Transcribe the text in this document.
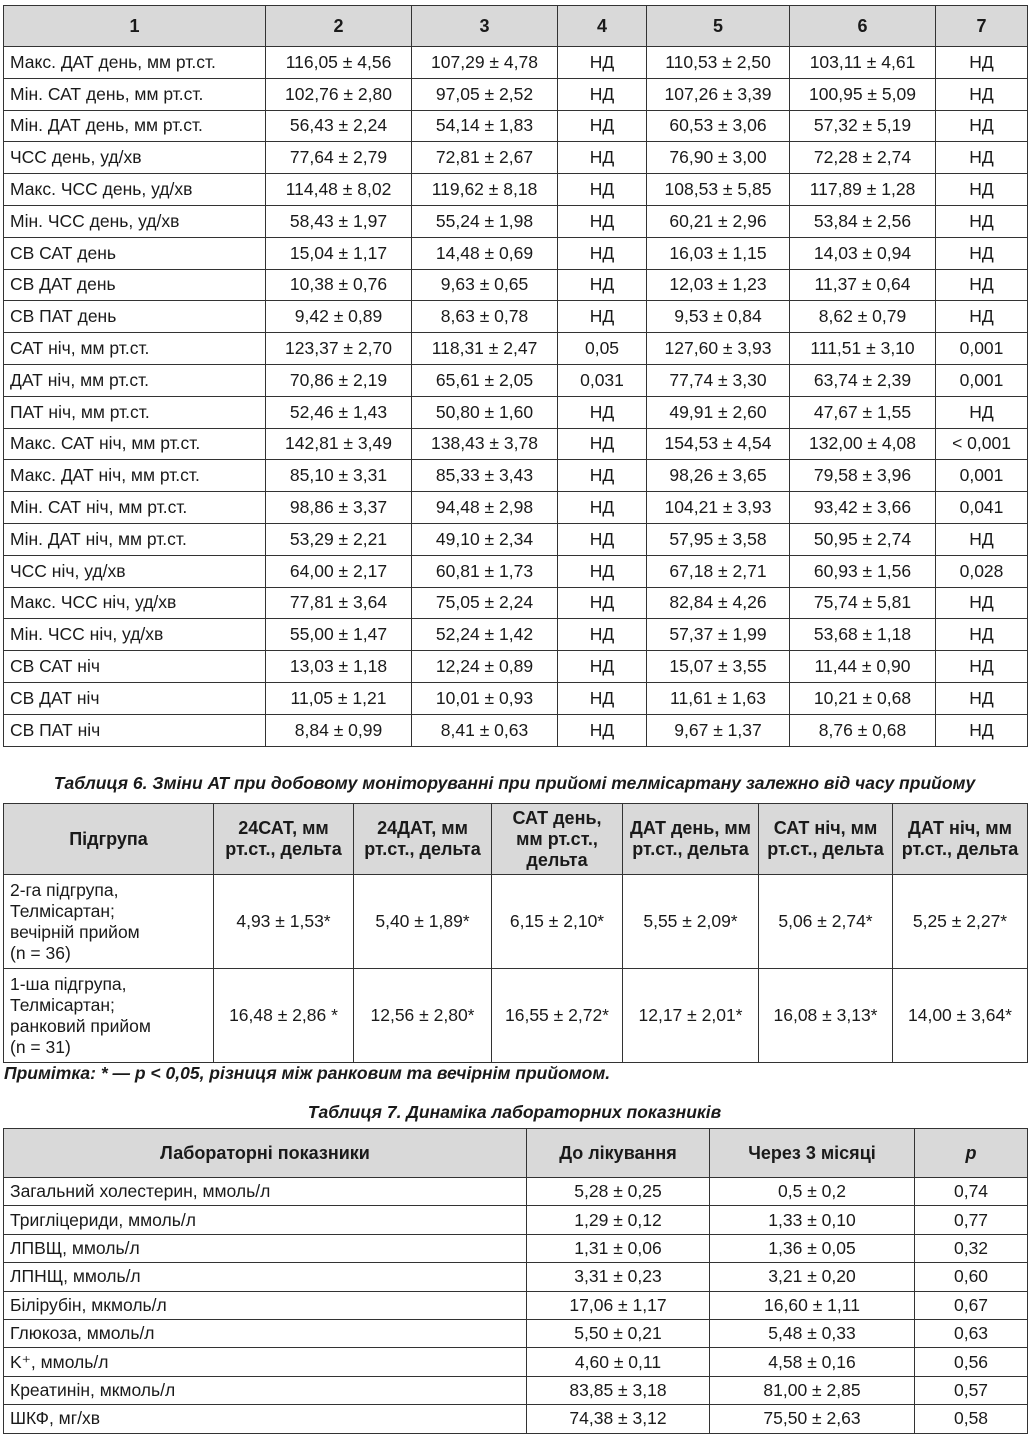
1	2	3	4	5	6	7
Макс. ДАТ день, мм рт.ст.	116,05 ± 4,56	107,29 ± 4,78	НД	110,53 ± 2,50	103,11 ± 4,61	НД
Мін. САТ день, мм рт.ст.	102,76 ± 2,80	97,05 ± 2,52	НД	107,26 ± 3,39	100,95 ± 5,09	НД
Мін. ДАТ день, мм рт.ст.	56,43 ± 2,24	54,14 ± 1,83	НД	60,53 ± 3,06	57,32 ± 5,19	НД
ЧСС день, уд/хв	77,64 ± 2,79	72,81 ± 2,67	НД	76,90 ± 3,00	72,28 ± 2,74	НД
Макс. ЧСС день, уд/хв	114,48 ± 8,02	119,62 ± 8,18	НД	108,53 ± 5,85	117,89 ± 1,28	НД
Мін. ЧСС день, уд/хв	58,43 ± 1,97	55,24 ± 1,98	НД	60,21 ± 2,96	53,84 ± 2,56	НД
СВ САТ день	15,04 ± 1,17	14,48 ± 0,69	НД	16,03 ± 1,15	14,03 ± 0,94	НД
СВ ДАТ день	10,38 ± 0,76	9,63 ± 0,65	НД	12,03 ± 1,23	11,37 ± 0,64	НД
СВ ПАТ день	9,42 ± 0,89	8,63 ± 0,78	НД	9,53 ± 0,84	8,62 ± 0,79	НД
САТ ніч, мм рт.ст.	123,37 ± 2,70	118,31 ± 2,47	0,05	127,60 ± 3,93	111,51 ± 3,10	0,001
ДАТ ніч, мм рт.ст.	70,86 ± 2,19	65,61 ± 2,05	0,031	77,74 ± 3,30	63,74 ± 2,39	0,001
ПАТ ніч, мм рт.ст.	52,46 ± 1,43	50,80 ± 1,60	НД	49,91 ± 2,60	47,67 ± 1,55	НД
Макс. САТ ніч, мм рт.ст.	142,81 ± 3,49	138,43 ± 3,78	НД	154,53 ± 4,54	132,00 ± 4,08	< 0,001
Макс. ДАТ ніч, мм рт.ст.	85,10 ± 3,31	85,33 ± 3,43	НД	98,26 ± 3,65	79,58 ± 3,96	0,001
Мін. САТ ніч, мм рт.ст.	98,86 ± 3,37	94,48 ± 2,98	НД	104,21 ± 3,93	93,42 ± 3,66	0,041
Мін. ДАТ ніч, мм рт.ст.	53,29 ± 2,21	49,10 ± 2,34	НД	57,95 ± 3,58	50,95 ± 2,74	НД
ЧСС ніч, уд/хв	64,00 ± 2,17	60,81 ± 1,73	НД	67,18 ± 2,71	60,93 ± 1,56	0,028
Макс. ЧСС ніч, уд/хв	77,81 ± 3,64	75,05 ± 2,24	НД	82,84 ± 4,26	75,74 ± 5,81	НД
Мін. ЧСС ніч, уд/хв	55,00 ± 1,47	52,24 ± 1,42	НД	57,37 ± 1,99	53,68 ± 1,18	НД
СВ САТ ніч	13,03 ± 1,18	12,24 ± 0,89	НД	15,07 ± 3,55	11,44 ± 0,90	НД
СВ ДАТ ніч	11,05 ± 1,21	10,01 ± 0,93	НД	11,61 ± 1,63	10,21 ± 0,68	НД
СВ ПАТ ніч	8,84 ± 0,99	8,41 ± 0,63	НД	9,67 ± 1,37	8,76 ± 0,68	НД
Таблиця 6. Зміни АТ при добовому моніторуванні при прийомі телмісартану залежно від часу прийому
Підгрупа	24САТ, мм рт.ст., дельта	24ДАТ, мм рт.ст., дельта	САТ день, мм рт.ст., дельта	ДАТ день, мм рт.ст., дельта	САТ ніч, мм рт.ст., дельта	ДАТ ніч, мм рт.ст., дельта
2-га підгрупа,
Телмісартан;
вечірній прийом
(n = 36)	4,93 ± 1,53*	5,40 ± 1,89*	6,15 ± 2,10*	5,55 ± 2,09*	5,06 ± 2,74*	5,25 ± 2,27*
1-ша підгрупа,
Телмісартан;
ранковий прийом
(n = 31)	16,48 ± 2,86 *	12,56 ± 2,80*	16,55 ± 2,72*	12,17 ± 2,01*	16,08 ± 3,13*	14,00 ± 3,64*
Примітка: * — р < 0,05, різниця між ранковим та вечірнім прийомом.
Таблиця 7. Динаміка лабораторних показників
Лабораторні показники	До лікування	Через 3 місяці	p
Загальний холестерин, ммоль/л	5,28 ± 0,25	0,5 ± 0,2	0,74
Тригліцериди, ммоль/л	1,29 ± 0,12	1,33 ± 0,10	0,77
ЛПВЩ, ммоль/л	1,31 ± 0,06	1,36 ± 0,05	0,32
ЛПНЩ, ммоль/л	3,31 ± 0,23	3,21 ± 0,20	0,60
Білірубін, мкмоль/л	17,06 ± 1,17	16,60 ± 1,11	0,67
Глюкоза, ммоль/л	5,50 ± 0,21	5,48 ± 0,33	0,63
K⁺, ммоль/л	4,60 ± 0,11	4,58 ± 0,16	0,56
Креатинін, мкмоль/л	83,85 ± 3,18	81,00 ± 2,85	0,57
ШКФ, мг/хв	74,38 ± 3,12	75,50 ± 2,63	0,58
